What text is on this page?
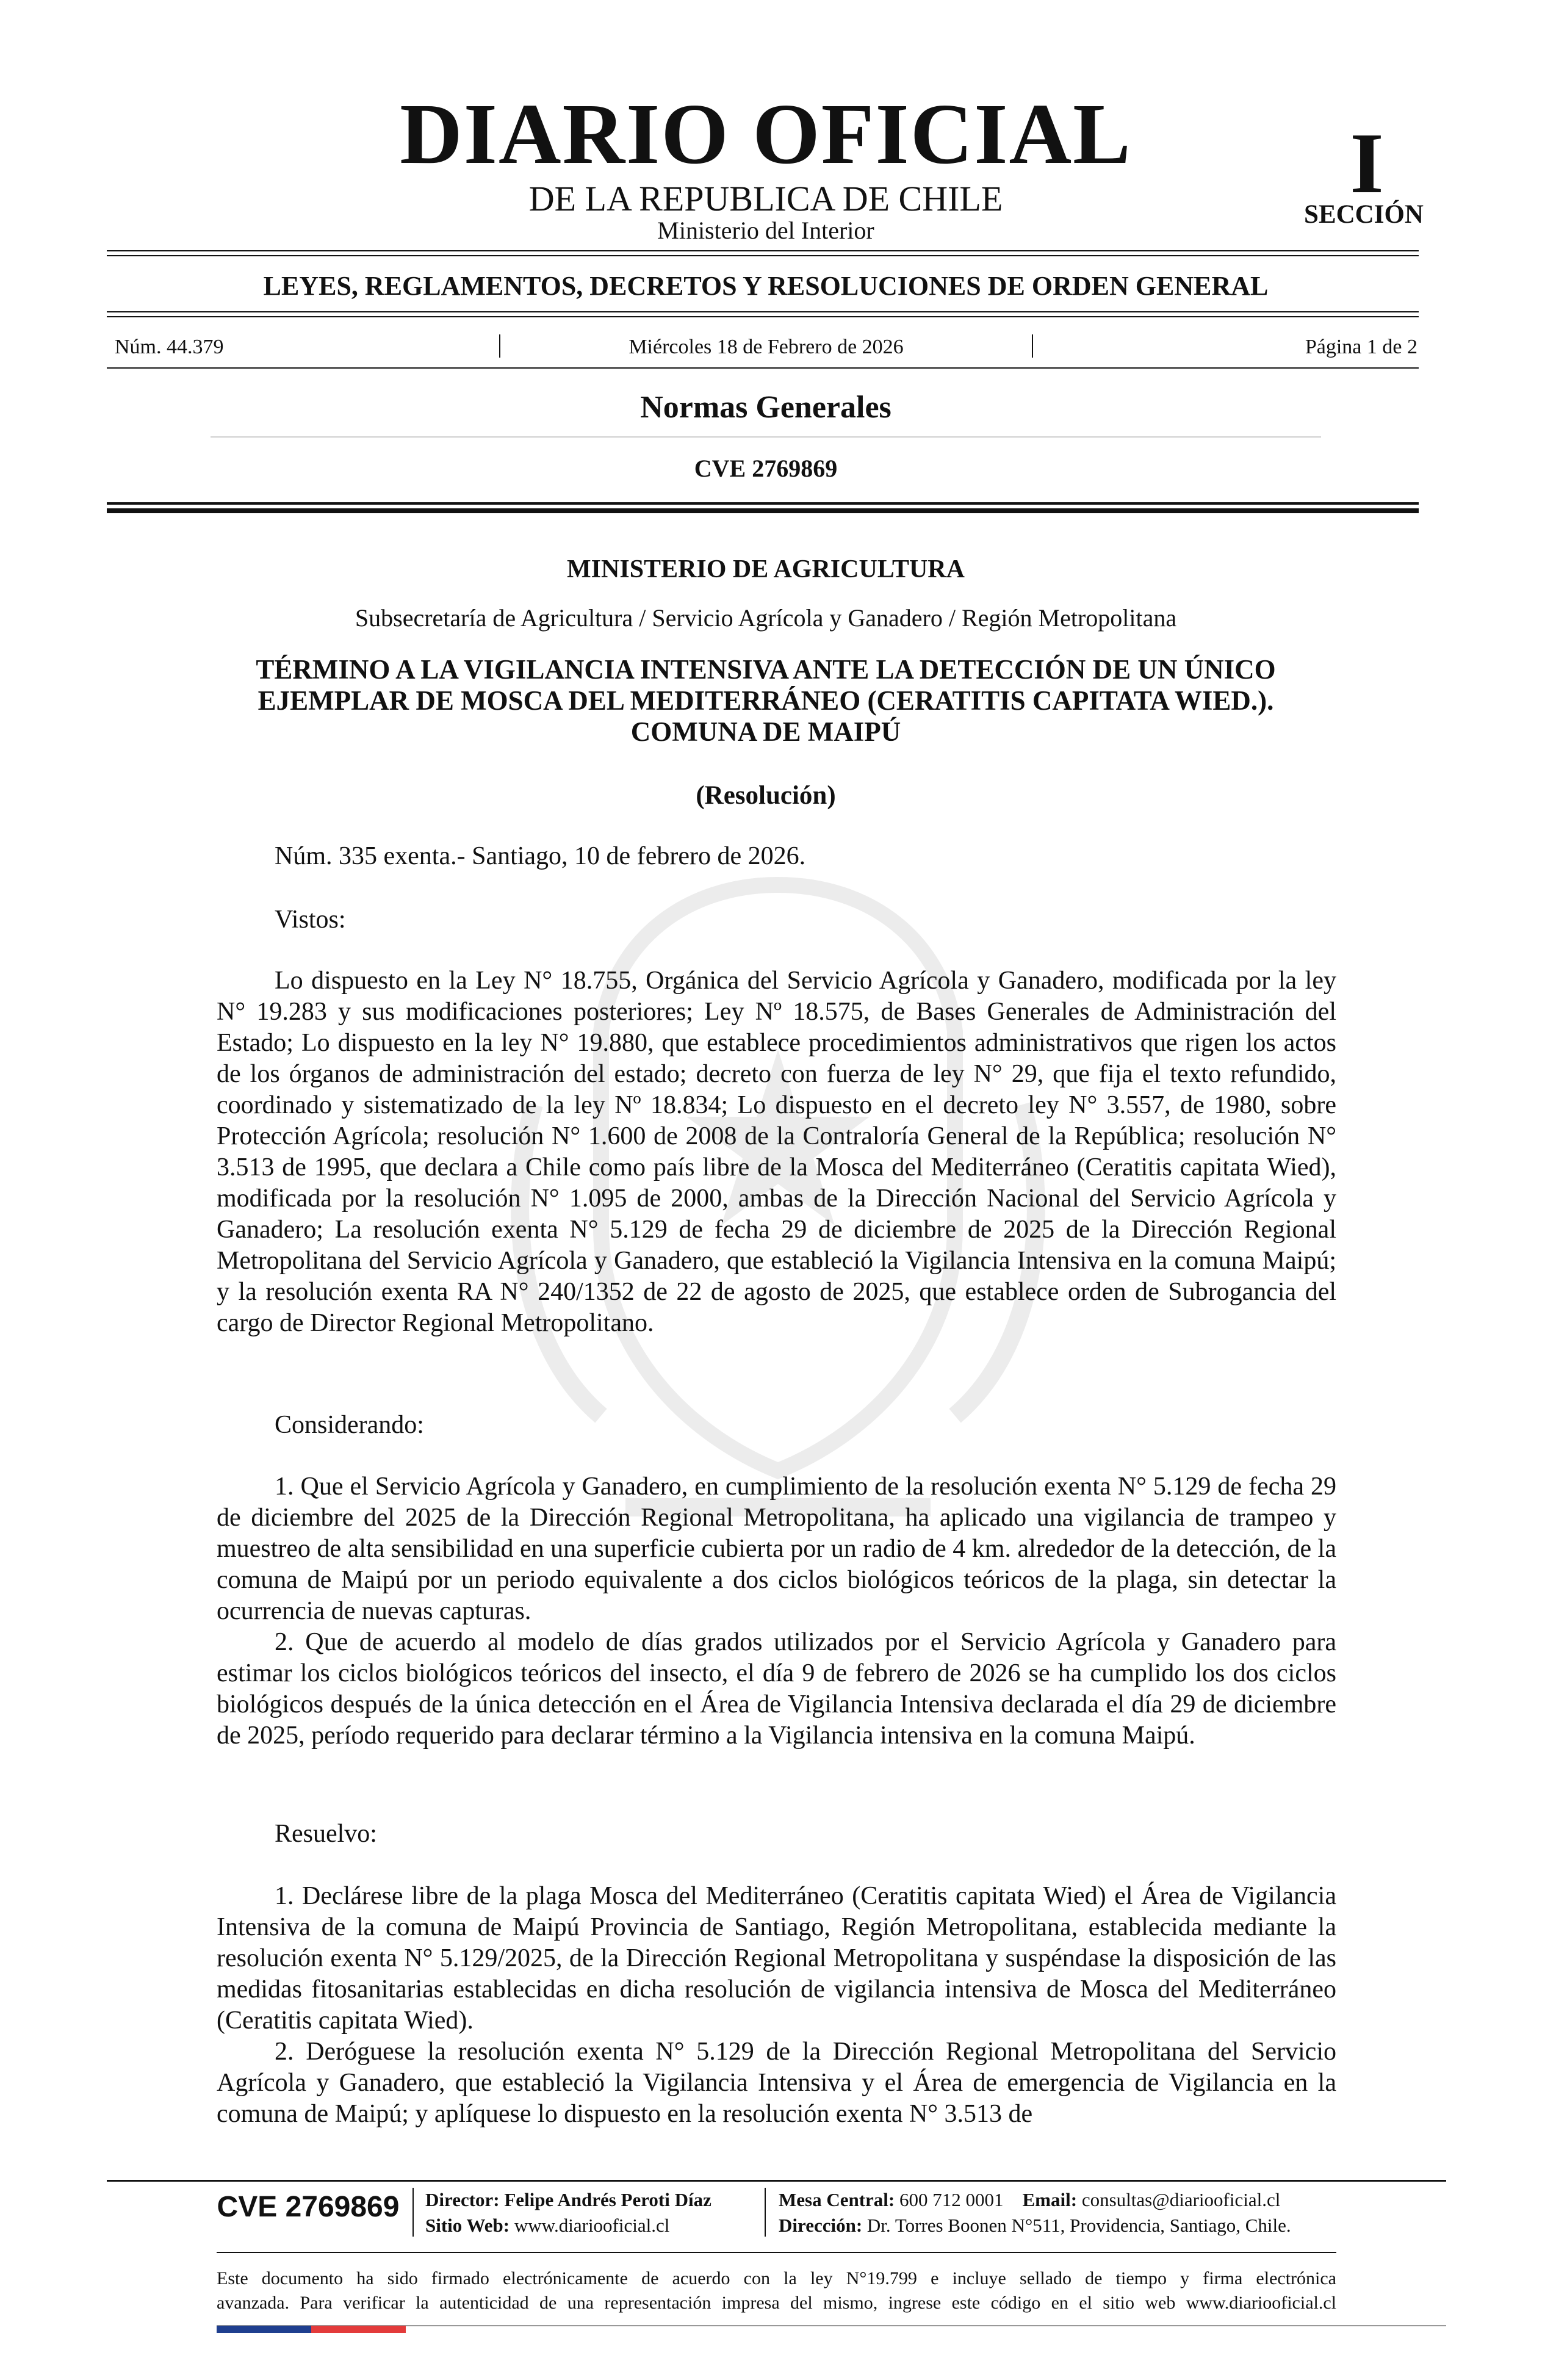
DIARIO OFICIAL
DE LA REPUBLICA DE CHILE
Ministerio del Interior
I
SECCIÓN
LEYES, REGLAMENTOS, DECRETOS Y RESOLUCIONES DE ORDEN GENERAL
Núm. 44.379	Miércoles 18 de Febrero de 2026	Página 1 de 2
Normas Generales
CVE 2769869
MINISTERIO DE AGRICULTURA
Subsecretaría de Agricultura / Servicio Agrícola y Ganadero / Región Metropolitana
TÉRMINO A LA VIGILANCIA INTENSIVA ANTE LA DETECCIÓN DE UN ÚNICO
EJEMPLAR DE MOSCA DEL MEDITERRÁNEO (CERATITIS CAPITATA WIED.).
COMUNA DE MAIPÚ
(Resolución)
Núm. 335 exenta.- Santiago, 10 de febrero de 2026.
Vistos:

Lo dispuesto en la Ley N° 18.755, Orgánica del Servicio Agrícola y Ganadero, modificada por la ley N° 19.283 y sus modificaciones posteriores; Ley Nº 18.575, de Bases Generales de Administración del Estado; Lo dispuesto en la ley N° 19.880, que establece procedimientos administrativos que rigen los actos de los órganos de administración del estado; decreto con fuerza de ley N° 29, que fija el texto refundido, coordinado y sistematizado de la ley Nº 18.834; Lo dispuesto en el decreto ley N° 3.557, de 1980, sobre Protección Agrícola; resolución N° 1.600 de 2008 de la Contraloría General de la República; resolución N° 3.513 de 1995, que declara a Chile como país libre de la Mosca del Mediterráneo (Ceratitis capitata Wied), modificada por la resolución N° 1.095 de 2000, ambas de la Dirección Nacional del Servicio Agrícola y Ganadero; La resolución exenta N° 5.129 de fecha 29 de diciembre de 2025 de la Dirección Regional Metropolitana del Servicio Agrícola y Ganadero, que estableció la Vigilancia Intensiva en la comuna Maipú; y la resolución exenta RA N° 240/1352 de 22 de agosto de 2025, que establece orden de Subrogancia del cargo de Director Regional Metropolitano.

Considerando:

1. Que el Servicio Agrícola y Ganadero, en cumplimiento de la resolución exenta N° 5.129 de fecha 29 de diciembre del 2025 de la Dirección Regional Metropolitana, ha aplicado una vigilancia de trampeo y muestreo de alta sensibilidad en una superficie cubierta por un radio de 4 km. alrededor de la detección, de la comuna de Maipú por un periodo equivalente a dos ciclos biológicos teóricos de la plaga, sin detectar la ocurrencia de nuevas capturas.

2. Que de acuerdo al modelo de días grados utilizados por el Servicio Agrícola y Ganadero para estimar los ciclos biológicos teóricos del insecto, el día 9 de febrero de 2026 se ha cumplido los dos ciclos biológicos después de la única detección en el Área de Vigilancia Intensiva declarada el día 29 de diciembre de 2025, período requerido para declarar término a la Vigilancia intensiva en la comuna Maipú.

Resuelvo:

1. Declárese libre de la plaga Mosca del Mediterráneo (Ceratitis capitata Wied) el Área de Vigilancia Intensiva de la comuna de Maipú Provincia de Santiago, Región Metropolitana, establecida mediante la resolución exenta N° 5.129/2025, de la Dirección Regional Metropolitana y suspéndase la disposición de las medidas fitosanitarias establecidas en dicha resolución de vigilancia intensiva de Mosca del Mediterráneo (Ceratitis capitata Wied).

2. Deróguese la resolución exenta N° 5.129 de la Dirección Regional Metropolitana del Servicio Agrícola y Ganadero, que estableció la Vigilancia Intensiva y el Área de emergencia de Vigilancia en la comuna de Maipú; y aplíquese lo dispuesto en la resolución exenta N° 3.513 de

CVE 2769869	Director: Felipe Andrés Peroti Díaz
Sitio Web: www.diariooficial.cl
Mesa Central: 600 712 0001 Email: consultas@diariooficial.cl
Dirección: Dr. Torres Boonen N°511, Providencia, Santiago, Chile.
Este documento ha sido firmado electrónicamente de acuerdo con la ley N°19.799 e incluye sellado de tiempo y firma electrónica
avanzada. Para verificar la autenticidad de una representación impresa del mismo, ingrese este código en el sitio web www.diariooficial.cl
